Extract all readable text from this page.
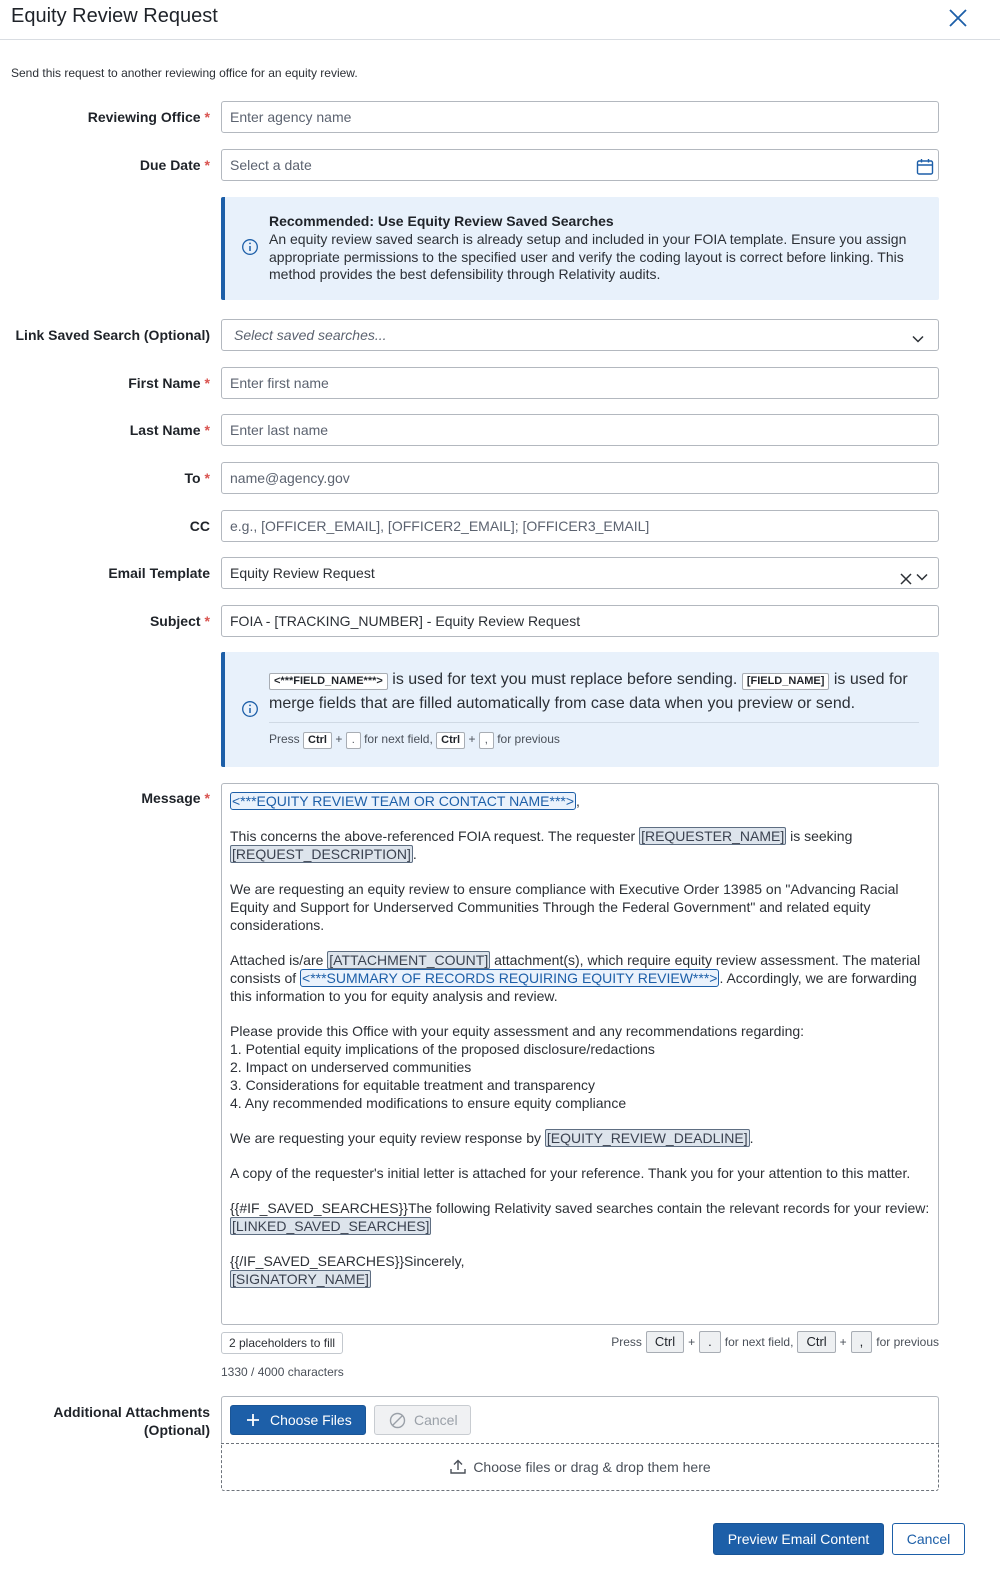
Equity Review Request
Send this request to another reviewing office for an equity review.
Reviewing Office *
Enter agency name
Due Date *	Select a date
Recommended: Use Equity Review Saved Searches
An equity review saved search is already setup and included in your FOIA template. Ensure you assign appropriate permissions to the specified user and verify the coding layout is correct before linking. This method provides the best defensibility through Relativity audits.
Link Saved Search (Optional)	Select saved searches...
First Name *
Enter first name
Last Name *
Enter last name
To *
name@agency.gov
CC
e.g., [OFFICER_EMAIL], [OFFICER2_EMAIL]; [OFFICER3_EMAIL]
Email Template	Equity Review Request
Subject *
FOIA - [TRACKING_NUMBER] - Equity Review Request
<***FIELD_NAME***> is used for text you must replace before sending. [FIELD_NAME] is used for merge fields that are filled automatically from case data when you preview or send.
Press Ctrl + . for next field, Ctrl + , for previous
Message * <***EQUITY REVIEW TEAM OR CONTACT NAME***> ,

This concerns the above-referenced FOIA request. The requester [REQUESTER_NAME] is seeking [REQUEST_DESCRIPTION] .

We are requesting an equity review to ensure compliance with Executive Order 13985 on "Advancing Racial Equity and Support for Underserved Communities Through the Federal Government" and related equity considerations.

Attached is/are [ATTACHMENT_COUNT] attachment(s), which require equity review assessment. The material consists of <***SUMMARY OF RECORDS REQUIRING EQUITY REVIEW***> . Accordingly, we are forwarding this information to you for equity analysis and review.

Please provide this Office with your equity assessment and any recommendations regarding:
1. Potential equity implications of the proposed disclosure/redactions
2. Impact on underserved communities
3. Considerations for equitable treatment and transparency
4. Any recommended modifications to ensure equity compliance

We are requesting your equity review response by [EQUITY_REVIEW_DEADLINE] .

A copy of the requester's initial letter is attached for your reference. Thank you for your attention to this matter.

{{#IF_SAVED_SEARCHES}}The following Relativity saved searches contain the relevant records for your review:
[LINKED_SAVED_SEARCHES]

{{/IF_SAVED_SEARCHES}}Sincerely,
[SIGNATORY_NAME]

2 placeholders to fill	Press	Ctrl	+	.	for next field,	Ctrl	+	,	for previous
1330 / 4000 characters
Additional Attachments
(Optional)
Choose Files	Cancel
Choose files or drag & drop them here
Preview Email Content	Cancel
